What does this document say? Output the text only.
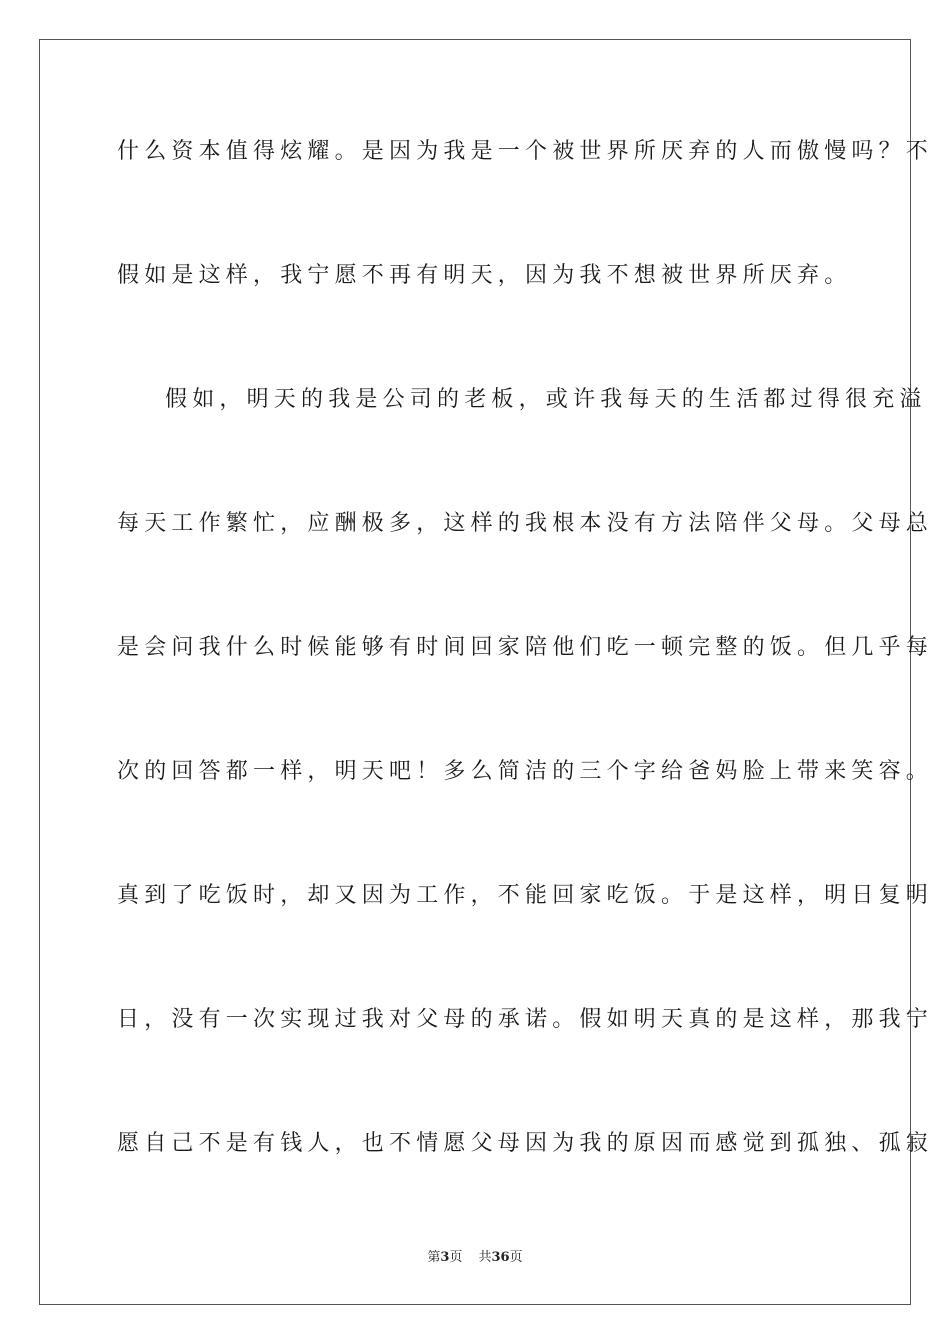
什么资本值得炫耀。是因为我是一个被世界所厌弃的人而傲慢吗？不
假如是这样，我宁愿不再有明天，因为我不想被世界所厌弃。
假如，明天的我是公司的老板，或许我每天的生活都过得很充溢
每天工作繁忙，应酬极多，这样的我根本没有方法陪伴父母。父母总
是会问我什么时候能够有时间回家陪他们吃一顿完整的饭。但几乎每
次的回答都一样，明天吧！多么简洁的三个字给爸妈脸上带来笑容。
真到了吃饭时，却又因为工作，不能回家吃饭。于是这样，明日复明
日，没有一次实现过我对父母的承诺。假如明天真的是这样，那我宁
愿自己不是有钱人，也不情愿父母因为我的原因而感觉到孤独、孤寂
第3页 共36页
